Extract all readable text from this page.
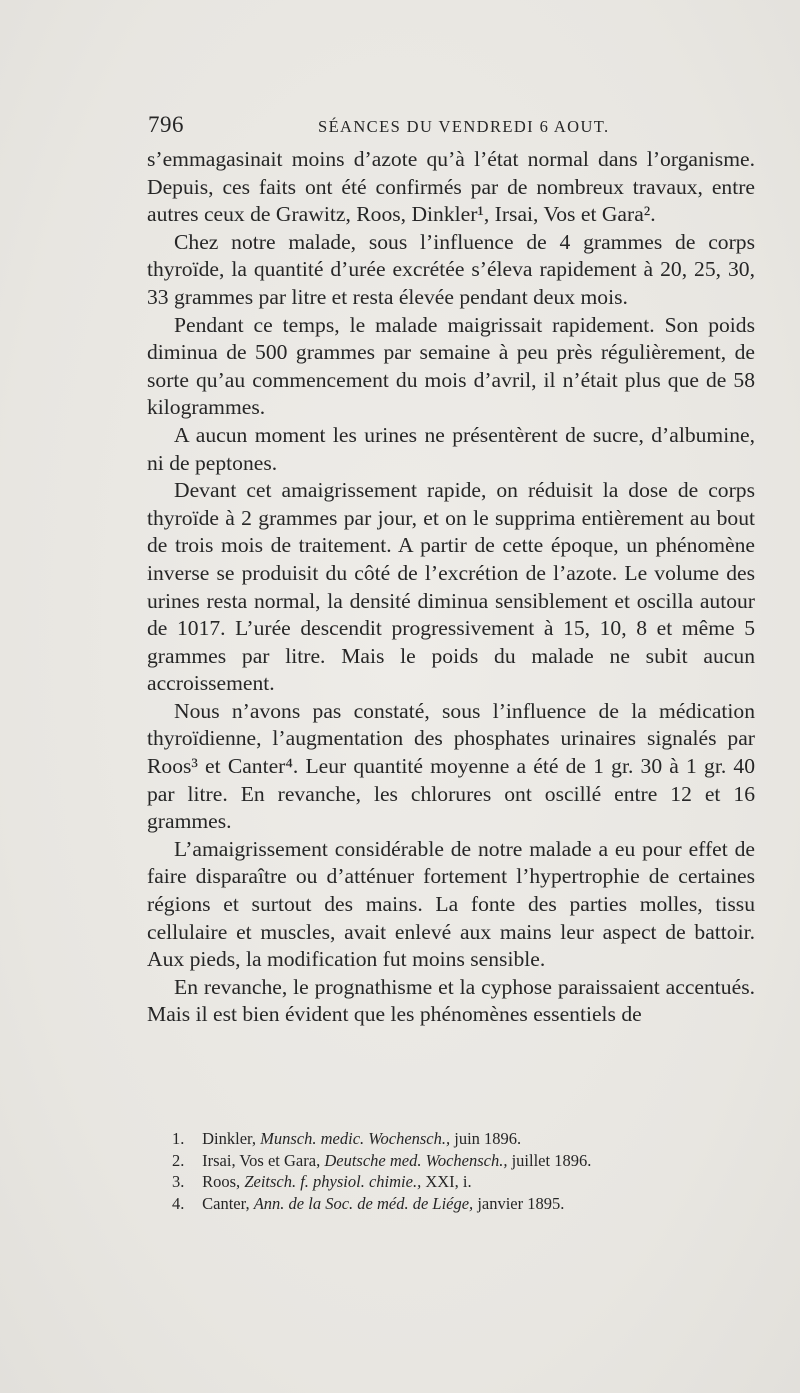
796	SÉANCES DU VENDREDI 6 AOUT.

s’emmagasinait moins d’azote qu’à l’état normal dans l’organisme. Depuis, ces faits ont été confirmés par de nombreux travaux, entre autres ceux de Grawitz, Roos, Dinkler¹, Irsai, Vos et Gara².

Chez notre malade, sous l’influence de 4 grammes de corps thyroïde, la quantité d’urée excrétée s’éleva rapidement à 20, 25, 30, 33 grammes par litre et resta élevée pendant deux mois.

Pendant ce temps, le malade maigrissait rapidement. Son poids diminua de 500 grammes par semaine à peu près régulièrement, de sorte qu’au commencement du mois d’avril, il n’était plus que de 58 kilogrammes.

A aucun moment les urines ne présentèrent de sucre, d’albumine, ni de peptones.

Devant cet amaigrissement rapide, on réduisit la dose de corps thyroïde à 2 grammes par jour, et on le supprima entièrement au bout de trois mois de traitement. A partir de cette époque, un phénomène inverse se produisit du côté de l’excrétion de l’azote. Le volume des urines resta normal, la densité diminua sensiblement et oscilla autour de 1017. L’urée descendit progressivement à 15, 10, 8 et même 5 grammes par litre. Mais le poids du malade ne subit aucun accroissement.

Nous n’avons pas constaté, sous l’influence de la médication thyroïdienne, l’augmentation des phosphates urinaires signalés par Roos³ et Canter⁴. Leur quantité moyenne a été de 1 gr. 30 à 1 gr. 40 par litre. En revanche, les chlorures ont oscillé entre 12 et 16 grammes.

L’amaigrissement considérable de notre malade a eu pour effet de faire disparaître ou d’atténuer fortement l’hypertrophie de certaines régions et surtout des mains. La fonte des parties molles, tissu cellulaire et muscles, avait enlevé aux mains leur aspect de battoir. Aux pieds, la modification fut moins sensible.

En revanche, le prognathisme et la cyphose paraissaient accentués. Mais il est bien évident que les phénomènes essentiels de

1. Dinkler, Munsch. medic. Wochensch., juin 1896.
2. Irsai, Vos et Gara, Deutsche med. Wochensch., juillet 1896.
3. Roos, Zeitsch. f. physiol. chimie., XXI, i.
4. Canter, Ann. de la Soc. de méd. de Liége, janvier 1895.
